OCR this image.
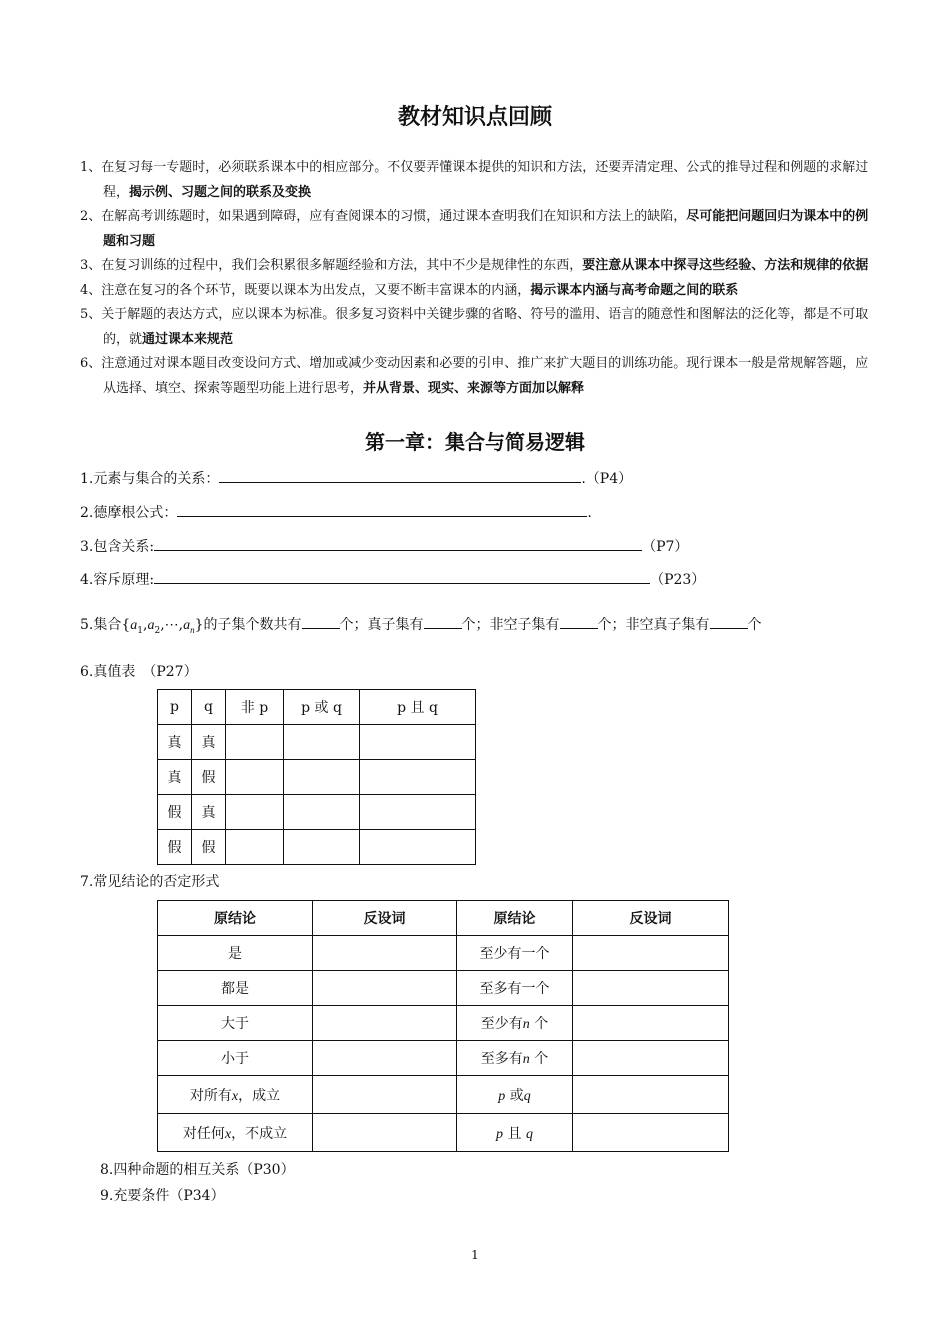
教材知识点回顾

1、在复习每一专题时，必须联系课本中的相应部分。不仅要弄懂课本提供的知识和方法，还要弄清定理、公式的推导过程和例题的求解过程，揭示例、习题之间的联系及变换

2、在解高考训练题时，如果遇到障碍，应有查阅课本的习惯，通过课本查明我们在知识和方法上的缺陷，尽可能把问题回归为课本中的例题和习题

3、在复习训练的过程中，我们会积累很多解题经验和方法，其中不少是规律性的东西，要注意从课本中探寻这些经验、方法和规律的依据

4、注意在复习的各个环节，既要以课本为出发点，又要不断丰富课本的内涵，揭示课本内涵与高考命题之间的联系

5、关于解题的表达方式，应以课本为标准。很多复习资料中关键步骤的省略、符号的滥用、语言的随意性和图解法的泛化等，都是不可取的，就通过课本来规范

6、注意通过对课本题目改变设问方式、增加或减少变动因素和必要的引申、推广来扩大题目的训练功能。现行课本一般是常规解答题，应从选择、填空、探索等题型功能上进行思考，并从背景、现实、来源等方面加以解释

第一章：集合与简易逻辑
1.元素与集合的关系：	.（P4）
2.德摩根公式：	.
3.包含关系:	（P7）
4.容斥原理:	（P23）
5.集合$\{a_1,a_2,\cdots,a_n\}$的子集个数共有	个；真子集有	个；非空子集有	个；非空真子集有	个
6.真值表　（P27）
p	q	非 p	p 或 q	p 且 q
真	真			
真	假			
假	真			
假	假			
7.常见结论的否定形式
原结论	反设词	原结论	反设词
是		至少有一个	
都是		至多有一个	
大于		至少有n 个	
小于		至多有n 个	
对所有x，成立		p 或q	
对任何x，不成立		p 且 q	
8.四种命题的相互关系（P30）
9.充要条件（P34）
1
